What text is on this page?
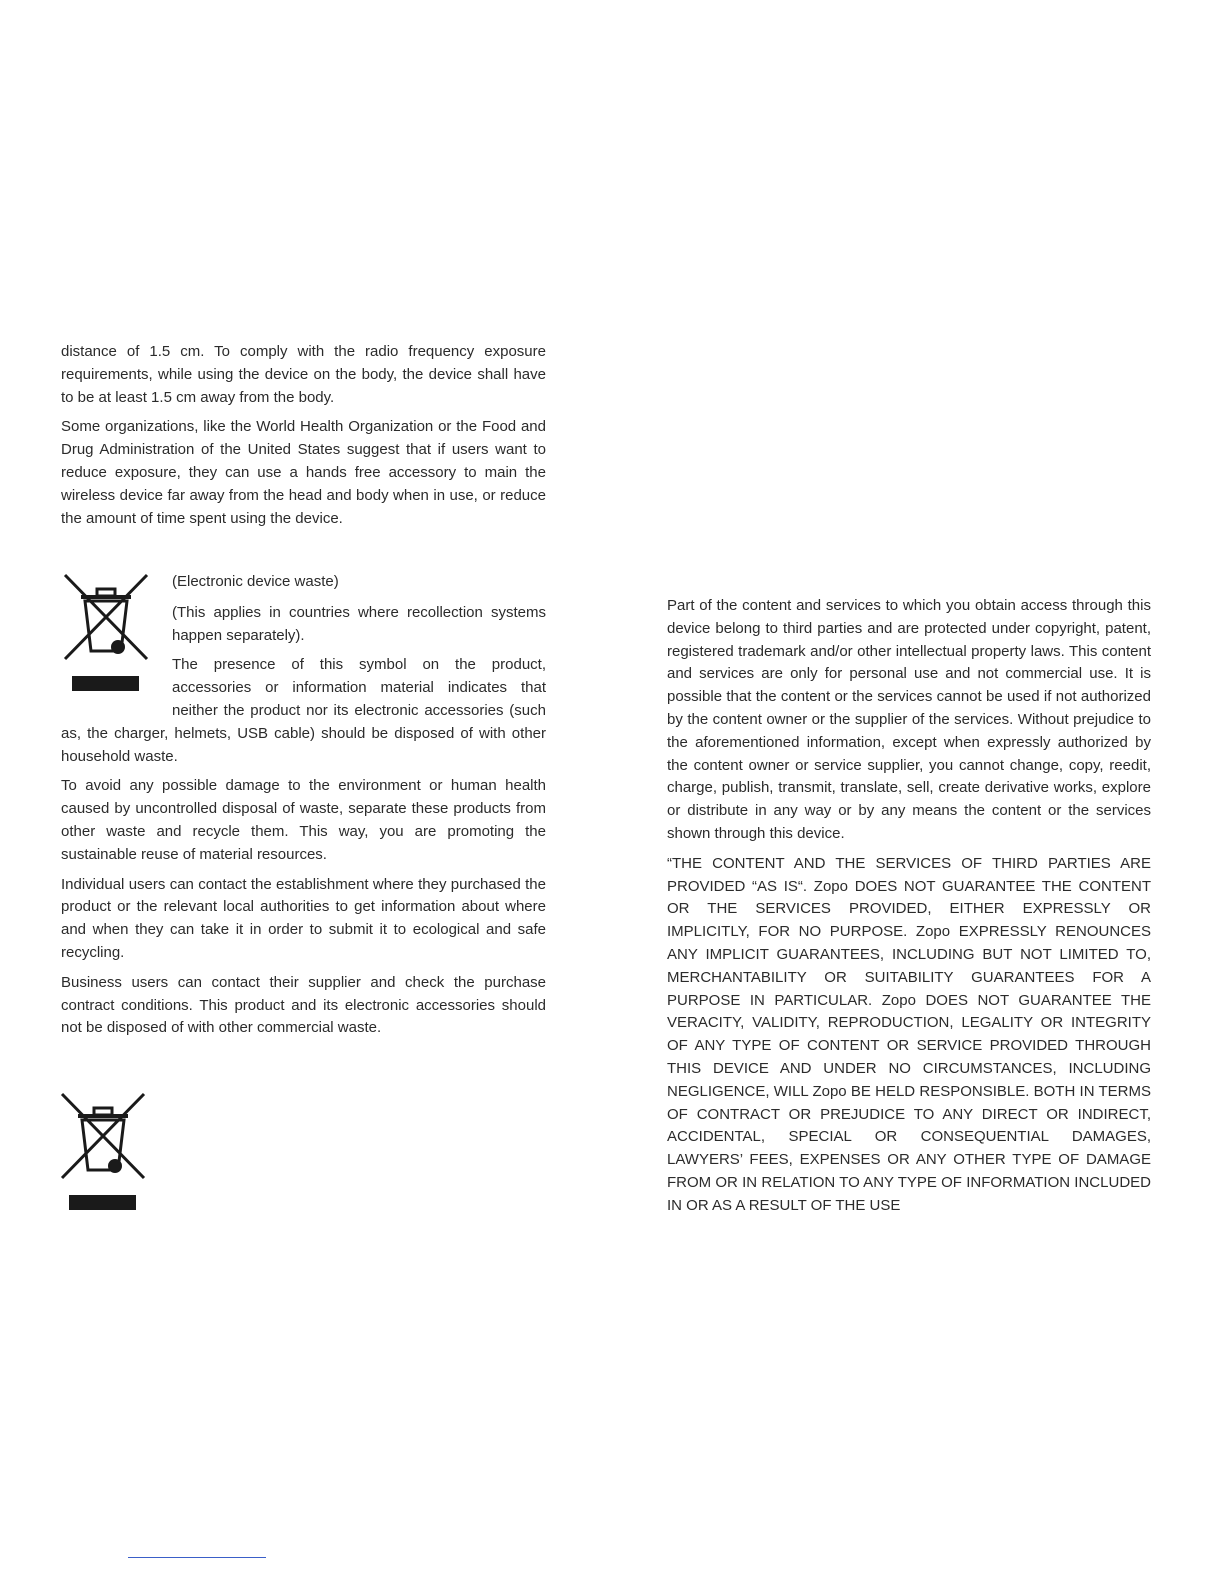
distance of 1.5 cm. To comply with the radio frequency exposure requirements, while using the device on the body, the device shall have to be at least 1.5 cm away from the body.

Some organizations, like the World Health Organization or the Food and Drug Administration of the United States suggest that if users want to reduce exposure, they can use a hands free accessory to main the wireless device far away from the head and body when in use, or reduce the amount of time spent using the device.

(Electronic device waste)

(This applies in countries where recollection systems happen separately).

The presence of this symbol on the product, accessories or information material indicates that neither the product nor its electronic accessories (such as, the charger, helmets, USB cable) should be disposed of with other household waste.

To avoid any possible damage to the environment or human health caused by uncontrolled disposal of waste, separate these products from other waste and recycle them. This way, you are promoting the sustainable reuse of material resources.

Individual users can contact the establishment where they purchased the product or the relevant local authorities to get information about where and when they can take it in order to submit it to ecological and safe recycling.

Business users can contact their supplier and check the purchase contract conditions. This product and its electronic accessories should not be disposed of with other commercial waste.

Part of the content and services to which you obtain access through this device belong to third parties and are protected under copyright, patent, registered trademark and/or other intellectual property laws. This content and services are only for personal use and not commercial use. It is possible that the content or the services cannot be used if not authorized by the content owner or the supplier of the services. Without prejudice to the aforementioned information, except when expressly authorized by the content owner or service supplier, you cannot change, copy, reedit, charge, publish, transmit, translate, sell, create derivative works, explore or distribute in any way or by any means the content or the services shown through this device.

“THE CONTENT AND THE SERVICES OF THIRD PARTIES ARE PROVIDED “AS IS“. Zopo DOES NOT GUARANTEE THE CONTENT OR THE SERVICES PROVIDED, EITHER EXPRESSLY OR IMPLICITLY, FOR NO PURPOSE. Zopo EXPRESSLY RENOUNCES ANY IMPLICIT GUARANTEES, INCLUDING BUT NOT LIMITED TO, MERCHANTABILITY OR SUITABILITY GUARANTEES FOR A PURPOSE IN PARTICULAR. Zopo DOES NOT GUARANTEE THE VERACITY, VALIDITY, REPRODUCTION, LEGALITY OR INTEGRITY OF ANY TYPE OF CONTENT OR SERVICE PROVIDED THROUGH THIS DEVICE AND UNDER NO CIRCUMSTANCES, INCLUDING NEGLIGENCE, WILL Zopo BE HELD RESPONSIBLE. BOTH IN TERMS OF CONTRACT OR PREJUDICE TO ANY DIRECT OR INDIRECT, ACCIDENTAL, SPECIAL OR CONSEQUENTIAL DAMAGES, LAWYERS’ FEES, EXPENSES OR ANY OTHER TYPE OF DAMAGE FROM OR IN RELATION TO ANY TYPE OF INFORMATION INCLUDED IN OR AS A RESULT OF THE USE
